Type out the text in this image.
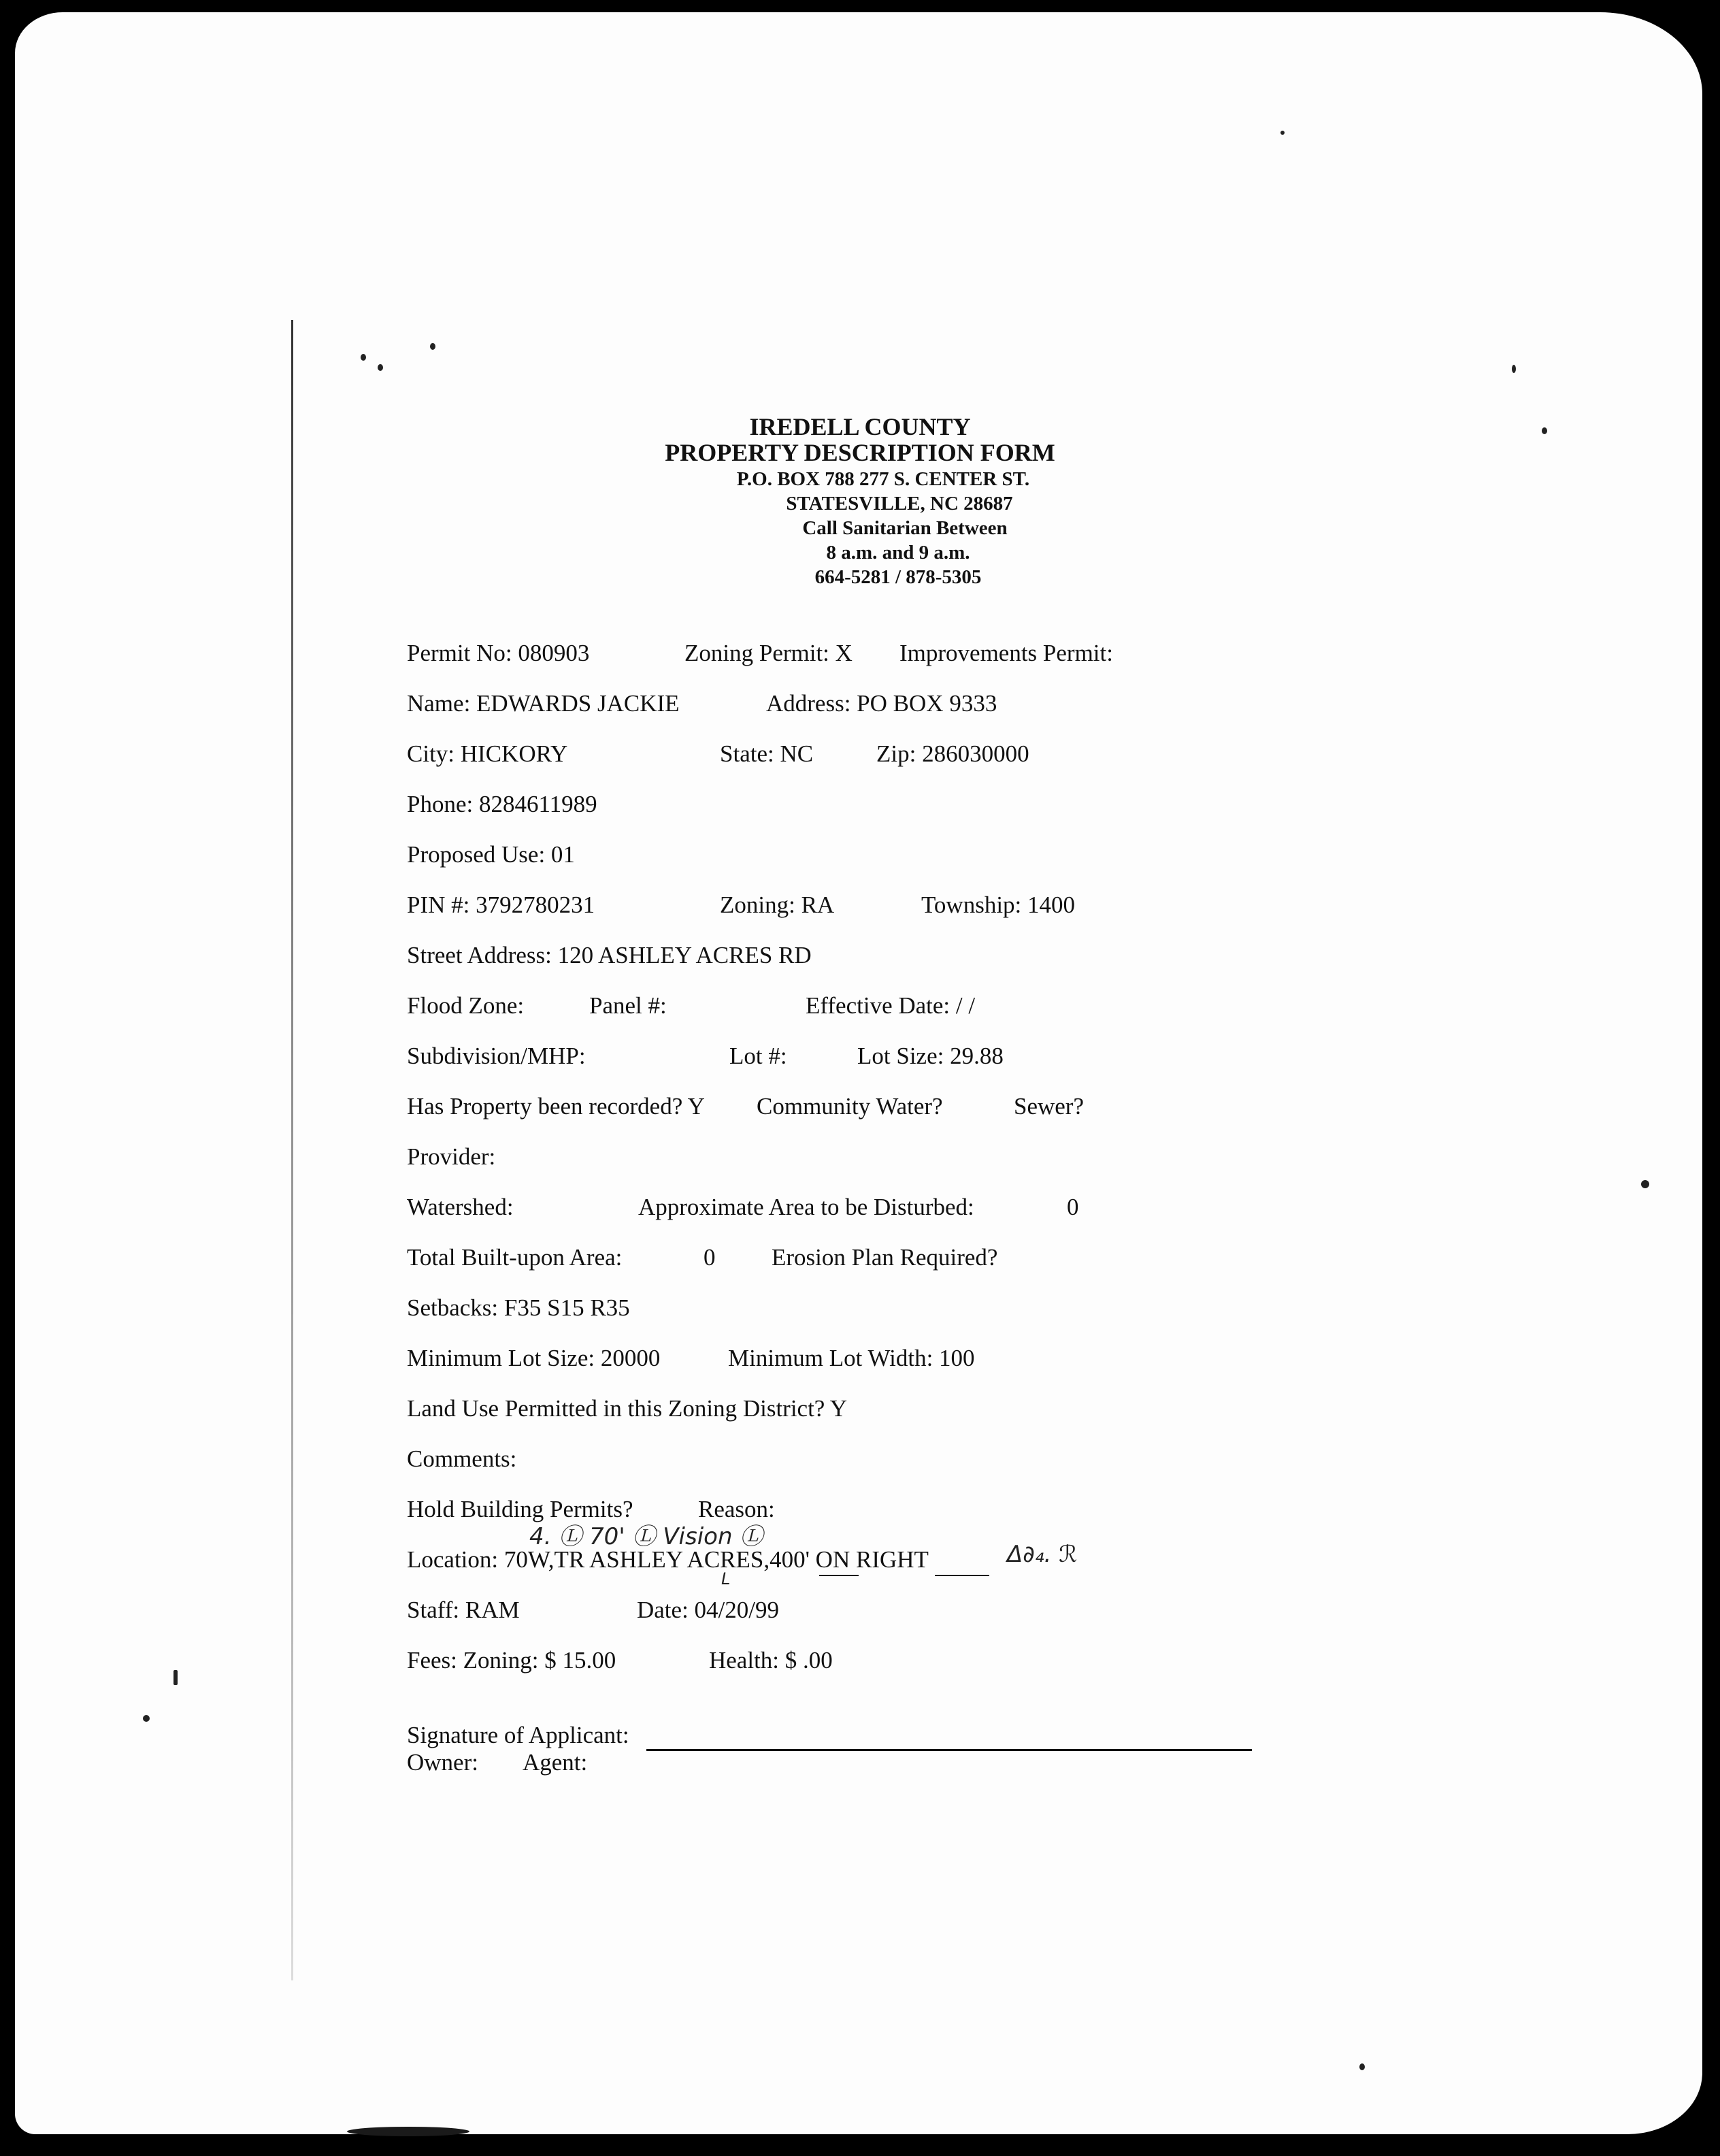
IREDELL COUNTY
PROPERTY DESCRIPTION FORM
P.O. BOX 788 277 S. CENTER ST.
STATESVILLE, NC 28687
Call Sanitarian Between
8 a.m. and 9 a.m.
664-5281 / 878-5305
Permit No: 080903	Zoning Permit: X Improvements Permit:
Name: EDWARDS JACKIE	Address: PO BOX 9333
City: HICKORY	State: NC	Zip: 286030000
Phone: 8284611989
Proposed Use: 01
PIN #: 3792780231	Zoning: RA	Township: 1400
Street Address: 120 ASHLEY ACRES RD
Flood Zone:	Panel #:	Effective Date: / /
Subdivision/MHP:	Lot #:	Lot Size: 29.88
Has Property been recorded? Y Community Water?	Sewer?
Provider:
Watershed:	Approximate Area to be Disturbed:	0
Total Built-upon Area:	0 Erosion Plan Required?
Setbacks: F35 S15 R35
Minimum Lot Size: 20000	Minimum Lot Width: 100
Land Use Permitted in this Zoning District? Y
Comments:
Hold Building Permits?	Reason:
4. Ⓛ 70' Ⓛ Vision Ⓛ
Location: 70W,TR ASHLEY ACRES,400' ON RIGHT	Δ∂₄. ℛ
L
Staff: RAM	Date: 04/20/99
Fees: Zoning: $ 15.00	Health: $ .00
Signature of Applicant:
Owner: Agent:
